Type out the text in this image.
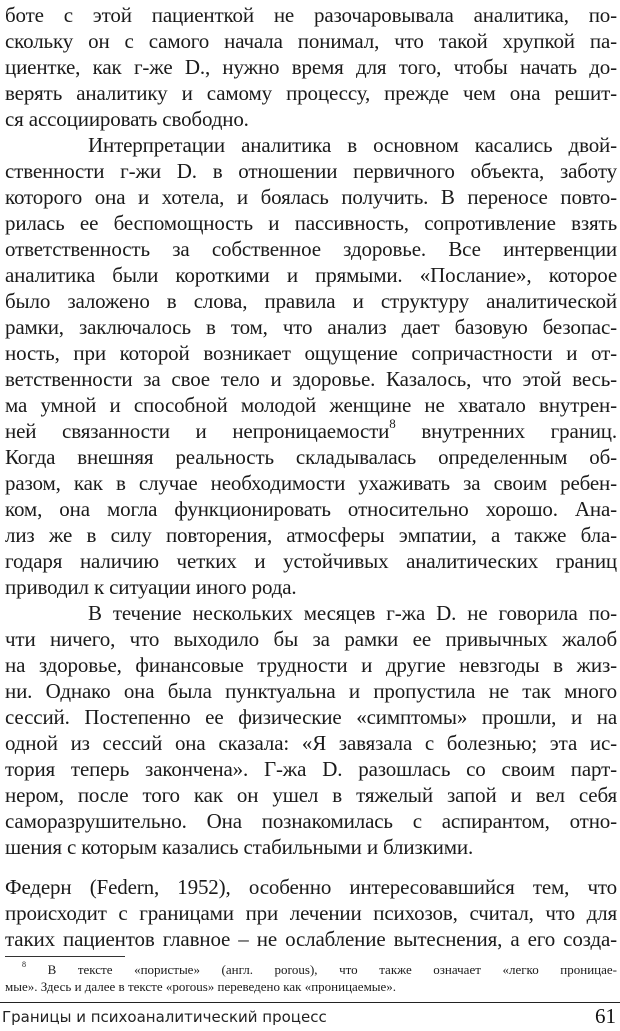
боте с этой пациенткой не разочаровывала аналитика, по-

скольку он с самого начала понимал, что такой хрупкой па-

циентке, как г-же D., нужно время для того, чтобы начать до-

верять аналитику и самому процессу, прежде чем она решит-

ся ассоциировать свободно.

Интерпретации аналитика в основном касались двой-

ственности г-жи D. в отношении первичного объекта, заботу

которого она и хотела, и боялась получить. В переносе повто-

рилась ее беспомощность и пассивность, сопротивление взять

ответственность за собственное здоровье. Все интервенции

аналитика были короткими и прямыми. «Послание», которое

было заложено в слова, правила и структуру аналитической

рамки, заключалось в том, что анализ дает базовую безопас-

ность, при которой возникает ощущение сопричастности и от-

ветственности за свое тело и здоровье. Казалось, что этой весь-

ма умной и способной молодой женщине не хватало внутрен-

ней связанности и непроницаемости$^8$ внутренних границ.

Когда внешняя реальность складывалась определенным об-

разом, как в случае необходимости ухаживать за своим ребен-

ком, она могла функционировать относительно хорошо. Ана-

лиз же в силу повторения, атмосферы эмпатии, а также бла-

годаря наличию четких и устойчивых аналитических границ

приводил к ситуации иного рода.

В течение нескольких месяцев г-жа D. не говорила по-

чти ничего, что выходило бы за рамки ее привычных жалоб

на здоровье, финансовые трудности и другие невзгоды в жиз-

ни. Однако она была пунктуальна и пропустила не так много

сессий. Постепенно ее физические «симптомы» прошли, и на

одной из сессий она сказала: «Я завязала с болезнью; эта ис-

тория теперь закончена». Г-жа D. разошлась со своим парт-

нером, после того как он ушел в тяжелый запой и вел себя

саморазрушительно. Она познакомилась с аспирантом, отно-

шения с которым казались стабильными и близкими.

Федерн (Federn, 1952), особенно интересовавшийся тем, что

происходит с границами при лечении психозов, считал, что для

таких пациентов главное – не ослабление вытеснения, а его созда-

$^8$ В тексте «пористые» (англ. porous), что также означает «легко проницае-

мые». Здесь и далее в тексте «porous» переведено как «проницаемые».

Границы и психоаналитический процесс	61
